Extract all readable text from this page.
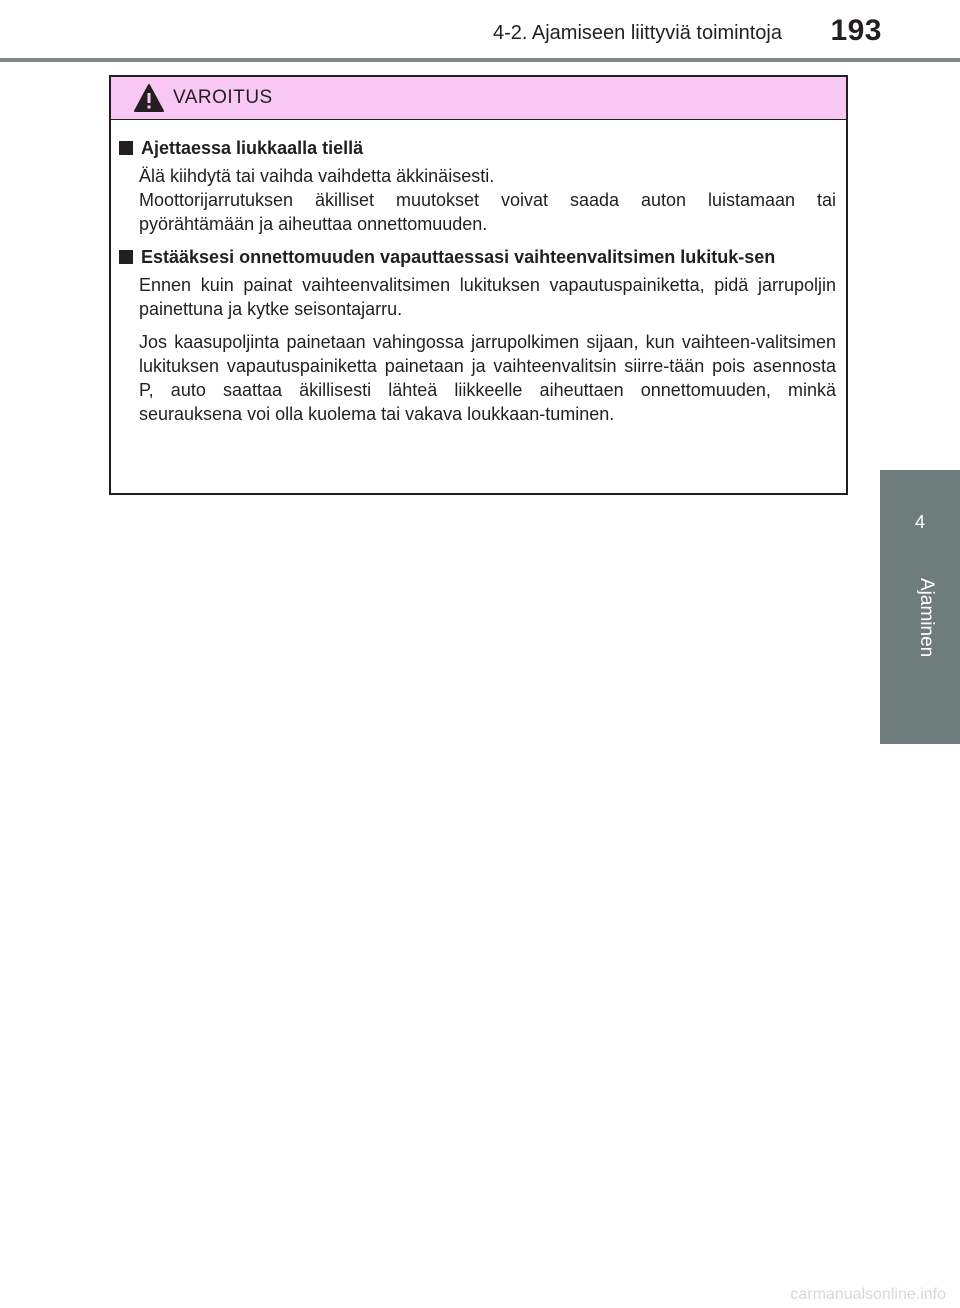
4-2. Ajamiseen liittyviä toimintoja 193
4
Ajaminen
VAROITUS
Ajettaessa liukkaalla tiellä
Älä kiihdytä tai vaihda vaihdetta äkkinäisesti.
Moottorijarrutuksen äkilliset muutokset voivat saada auton luistamaan tai pyörähtämään ja aiheuttaa onnettomuuden.
Estääksesi onnettomuuden vapauttaessasi vaihteenvalitsimen lukituk-sen
Ennen kuin painat vaihteenvalitsimen lukituksen vapautuspainiketta, pidä jarrupoljin painettuna ja kytke seisontajarru.
Jos kaasupoljinta painetaan vahingossa jarrupolkimen sijaan, kun vaihteen-valitsimen lukituksen vapautuspainiketta painetaan ja vaihteenvalitsin siirre-tään pois asennosta P, auto saattaa äkillisesti lähteä liikkeelle aiheuttaen onnettomuuden, minkä seurauksena voi olla kuolema tai vakava loukkaan-tuminen.
carmanualsonline.info
